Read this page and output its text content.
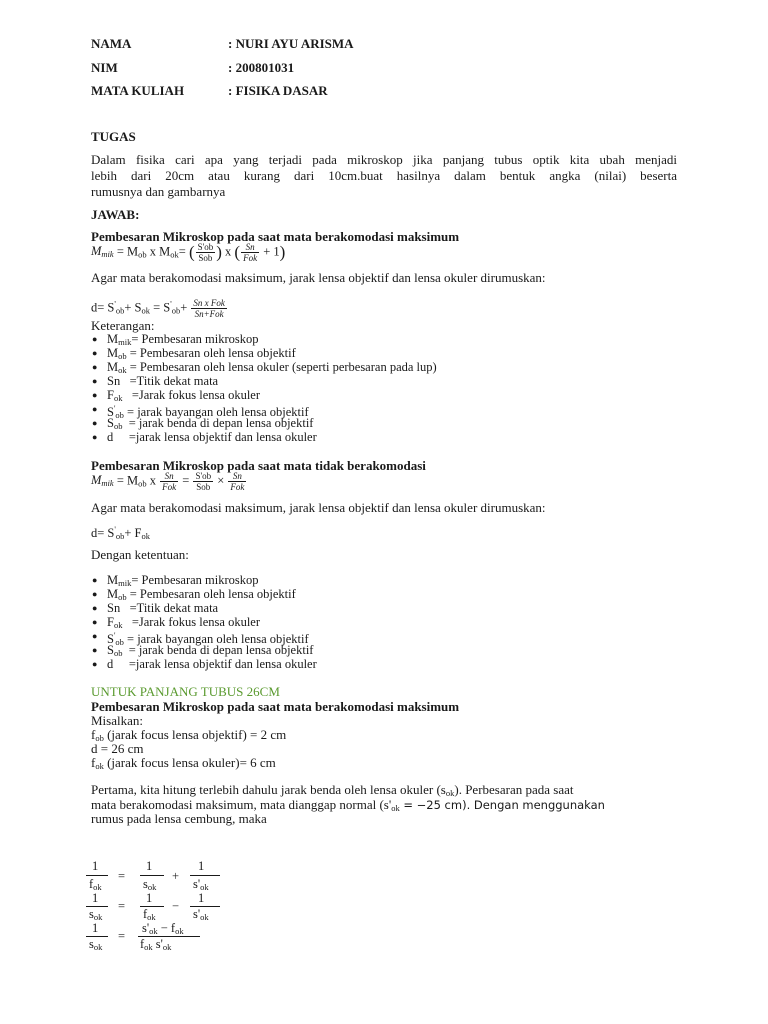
NAMA	: NURI AYU ARISMA
NIM	: 200801031
MATA KULIAH	: FISIKA DASAR
TUGAS
Dalam fisika cari apa yang terjadi pada mikroskop jika panjang tubus optik kita ubah menjadi
lebih dari 20cm atau kurang dari 10cm.buat hasilnya dalam bentuk angka (nilai) beserta
rumusnya dan gambarnya
JAWAB:
Pembesaran Mikroskop pada saat mata berakomodasi maksimum
$M_{mik} = M_{ob}$ x $M_{ok}=$ ( $\frac{S'ob}{\text{Sob}}$ ) x ( $\frac{Sn}{\text{Fok}} + 1$)
Agar mata berakomodasi maksimum, jarak lensa objektif dan lensa okuler dirumuskan:
$d= S'_{ob}+ S_{ok} = S'_{ob}+ \frac{\text{Sn x Fok}}{\text{Sn+Fok}}$
Keterangan:
● $M_{mik}=$ Pembesaran mikroskop
● $M_{ob}$ = Pembesaran oleh lensa objektif
● $M_{ok}$ = Pembesaran oleh lensa okuler (seperti perbesaran pada lup)
● Sn   =Titik dekat mata
● $F_{ok}$   =Jarak fokus lensa okuler
● $S'_{ob}$ = jarak bayangan oleh lensa objektif
● $S_{ob}$  = jarak benda di depan lensa objektif
● d     =jarak lensa objektif dan lensa okuler
Pembesaran Mikroskop pada saat mata tidak berakomodasi
$M_{mik} = M_{ob}$ x $\frac{Sn}{\text{Fok}} = \frac{S'ob}{\text{Sob}} \times \frac{Sn}{\text{Fok}}$
Agar mata berakomodasi maksimum, jarak lensa objektif dan lensa okuler dirumuskan:
$d= S'_{ob}+ F_{ok}$
Dengan ketentuan:
● $M_{mik}=$ Pembesaran mikroskop
● $M_{ob}$ = Pembesaran oleh lensa objektif
● Sn   =Titik dekat mata
● $F_{ok}$   =Jarak fokus lensa okuler
● $S'_{ob}$ = jarak bayangan oleh lensa objektif
● $S_{ob}$  = jarak benda di depan lensa objektif
● d     =jarak lensa objektif dan lensa okuler
UNTUK PANJANG TUBUS 26CM
Pembesaran Mikroskop pada saat mata berakomodasi maksimum
Misalkan:
$f_{ob}$ (jarak focus lensa objektif) = 2 cm
d = 26 cm
$f_{ok}$ (jarak focus lensa okuler)= 6 cm
Pertama, kita hitung terlebih dahulu jarak benda oleh lensa okuler $(s_{ok})$. Perbesaran pada saat
mata berakomodasi maksimum, mata dianggap normal ($s'_{ok} = -25$ cm). Dengan menggunakan
rumus pada lensa cembung, maka
1
$f_{ok}$
=
1
$s_{ok}$
+
1
$s'_{ok}$
1
$s_{ok}$
=
1
$f_{ok}$
−
1
$s'_{ok}$
1
$s_{ok}$
=
$s'_{ok} - f_{ok}$
$f_{ok}$ $s'_{ok}$
